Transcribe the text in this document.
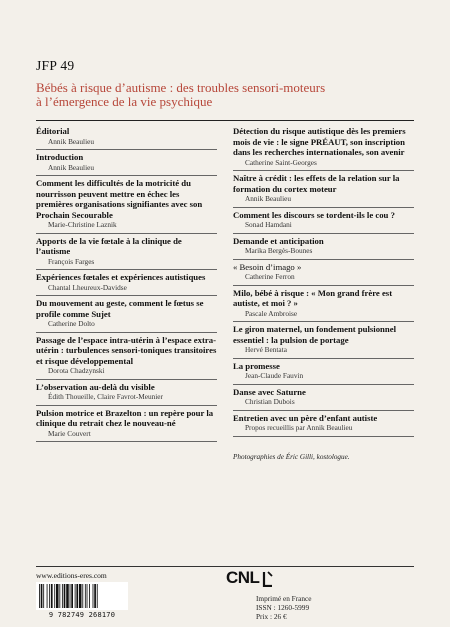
JFP 49
Bébés à risque d’autisme : des troubles sensori-moteurs
à l’émergence de la vie psychique
Éditorial
Annik Beaulieu
Introduction
Annik Beaulieu
Comment les difficultés de la motricité du nourrisson peuvent mettre en échec les premières organisations signifiantes avec son Prochain Secourable
Marie-Christine Laznik
Apports de la vie fœtale à la clinique de l’autisme
François Farges
Expériences fœtales et expériences autistiques
Chantal Lheureux-Davidse
Du mouvement au geste, comment le fœtus se profile comme Sujet
Catherine Dolto
Passage de l’espace intra-utérin à l’espace extra-utérin : turbulences sensori-toniques transitoires et risque développemental
Dorota Chadzynski
L’observation au-delà du visible
Édith Thoueille, Claire Favrot-Meunier
Pulsion motrice et Brazelton : un repère pour la clinique du retrait chez le nouveau-né
Marie Couvert
Détection du risque autistique dès les premiers mois de vie : le signe PRÉAUT, son inscription dans les recherches internationales, son avenir
Catherine Saint-Georges
Naître à crédit : les effets de la relation sur la formation du cortex moteur
Annik Beaulieu
Comment les discours se tordent-ils le cou ?
Sonad Hamdani
Demande et anticipation
Marika Bergès-Bounes
« Besoin d’imago »
Catherine Ferron
Milo, bébé à risque : « Mon grand frère est autiste, et moi ? »
Pascale Ambroise
Le giron maternel, un fondement pulsionnel essentiel : la pulsion de portage
Hervé Bentata
La promesse
Jean-Claude Fauvin
Danse avec Saturne
Christian Dubois
Entretien avec un père d’enfant autiste
Propos recueillis par Annik Beaulieu
Photographies de Éric Gilli, kostologue.
www.editions-eres.com
9 782749 268170
CNL
Imprimé en France
ISSN : 1260-5999
Prix : 26 €
